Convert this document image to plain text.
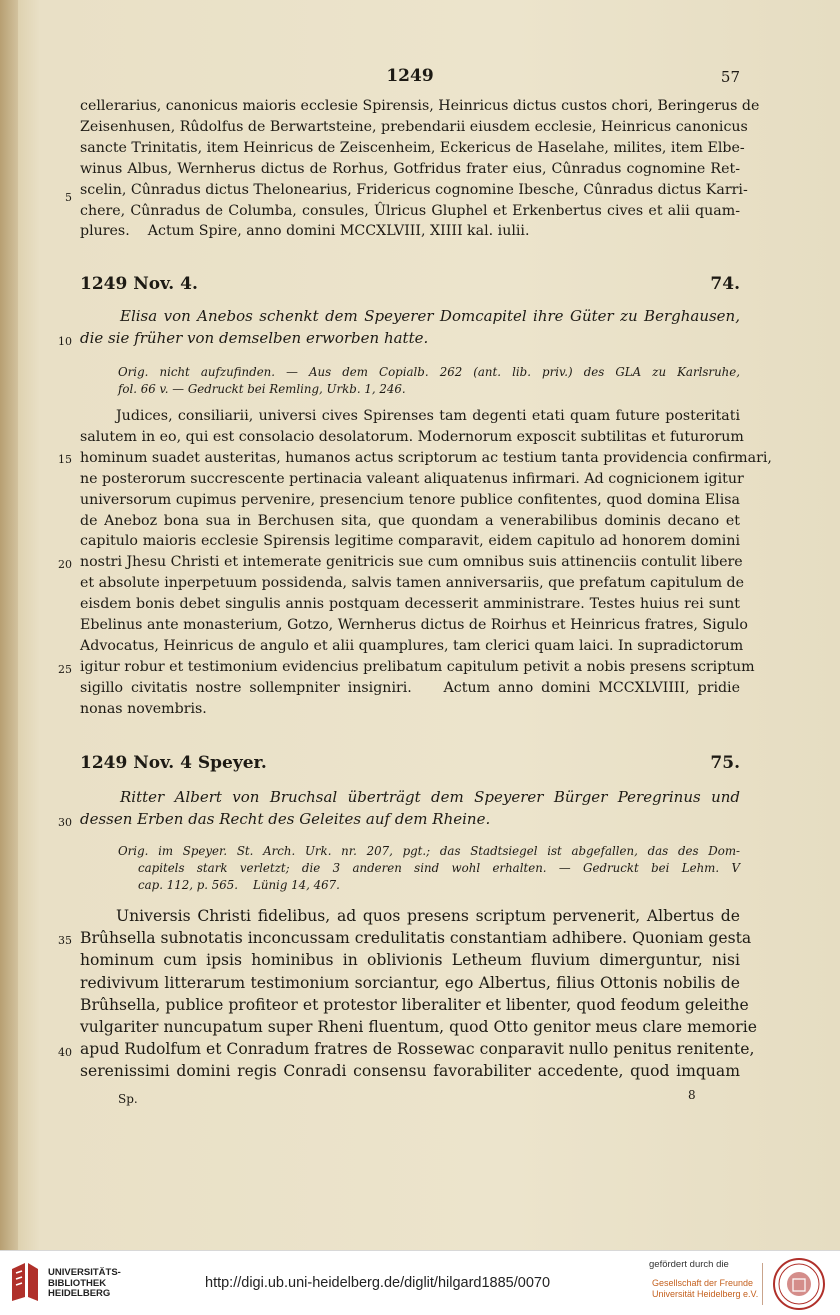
1249	57
cellerarius, canonicus maioris ecclesie Spirensis, Heinricus dictus custos chori, Beringerus de
Zeisenhusen, Rûdolfus de Berwartsteine, prebendarii eiusdem ecclesie, Heinricus canonicus
sancte Trinitatis, item Heinricus de Zeiscenheim, Eckericus de Haselahe, milites, item Elbe-
winus Albus, Wernherus dictus de Rorhus, Gotfridus frater eius, Cûnradus cognomine Ret-
scelin, Cûnradus dictus Thelonearius, Fridericus cognomine Ibesche, Cûnradus dictus Karri-
chere, Cûnradus de Columba, consules, Ûlricus Gluphel et Erkenbertus cives et alii quam-
plures.    Actum Spire, anno domini MCCXLVIII, XIIII kal. iulii.
1249 Nov. 4.	74.
Elisa von Anebos schenkt dem Speyerer Domcapitel ihre Güter zu Berghausen,
die sie früher von demselben erworben hatte.
Orig. nicht aufzufinden. — Aus dem Copialb. 262 (ant. lib. priv.) des GLA zu Karlsruhe,
fol. 66 v. — Gedruckt bei Remling, Urkb. 1, 246.
Judices, consiliarii, universi cives Spirenses tam degenti etati quam future posteritati
salutem in eo, qui est consolacio desolatorum. Modernorum exposcit subtilitas et futurorum
hominum suadet austeritas, humanos actus scriptorum ac testium tanta providencia confirmari,
ne posterorum succrescente pertinacia valeant aliquatenus infirmari. Ad cognicionem igitur
universorum cupimus pervenire, presencium tenore publice confitentes, quod domina Elisa
de Aneboz bona sua in Berchusen sita, que quondam a venerabilibus dominis decano et
capitulo maioris ecclesie Spirensis legitime comparavit, eidem capitulo ad honorem domini
nostri Jhesu Christi et intemerate genitricis sue cum omnibus suis attinenciis contulit libere
et absolute inperpetuum possidenda, salvis tamen anniversariis, que prefatum capitulum de
eisdem bonis debet singulis annis postquam decesserit amministrare. Testes huius rei sunt
Ebelinus ante monasterium, Gotzo, Wernherus dictus de Roirhus et Heinricus fratres, Sigulo
Advocatus, Heinricus de angulo et alii quamplures, tam clerici quam laici. In supradictorum
igitur robur et testimonium evidencius prelibatum capitulum petivit a nobis presens scriptum
sigillo civitatis nostre sollempniter insigniri.    Actum anno domini MCCXLVIIII, pridie
nonas novembris.
1249 Nov. 4 Speyer.	75.
Ritter Albert von Bruchsal überträgt dem Speyerer Bürger Peregrinus und
dessen Erben das Recht des Geleites auf dem Rheine.
Orig. im Speyer. St. Arch. Urk. nr. 207, pgt.; das Stadtsiegel ist abgefallen, das des Dom-
capitels stark verletzt; die 3 anderen sind wohl erhalten. — Gedruckt bei Lehm. V
cap. 112, p. 565.    Lünig 14, 467.
Universis Christi fidelibus, ad quos presens scriptum pervenerit, Albertus de
Brûhsella subnotatis inconcussam credulitatis constantiam adhibere. Quoniam gesta
hominum cum ipsis hominibus in oblivionis Letheum fluvium dimerguntur, nisi
redivivum litterarum testimonium sorciantur, ego Albertus, filius Ottonis nobilis de
Brûhsella, publice profiteor et protestor liberaliter et libenter, quod feodum geleithe
vulgariter nuncupatum super Rheni fluentum, quod Otto genitor meus clare memorie
apud Rudolfum et Conradum fratres de Rossewac conparavit nullo penitus renitente,
serenissimi domini regis Conradi consensu favorabiliter accedente, quod imquam
5
10
15
20
25
30
35
40
Sp.	8
UNIVERSITÄTS-
BIBLIOTHEK
HEIDELBERG
http://digi.ub.uni-heidelberg.de/diglit/hilgard1885/0070
gefördert durch die
Gesellschaft der Freunde
Universität Heidelberg e.V.
